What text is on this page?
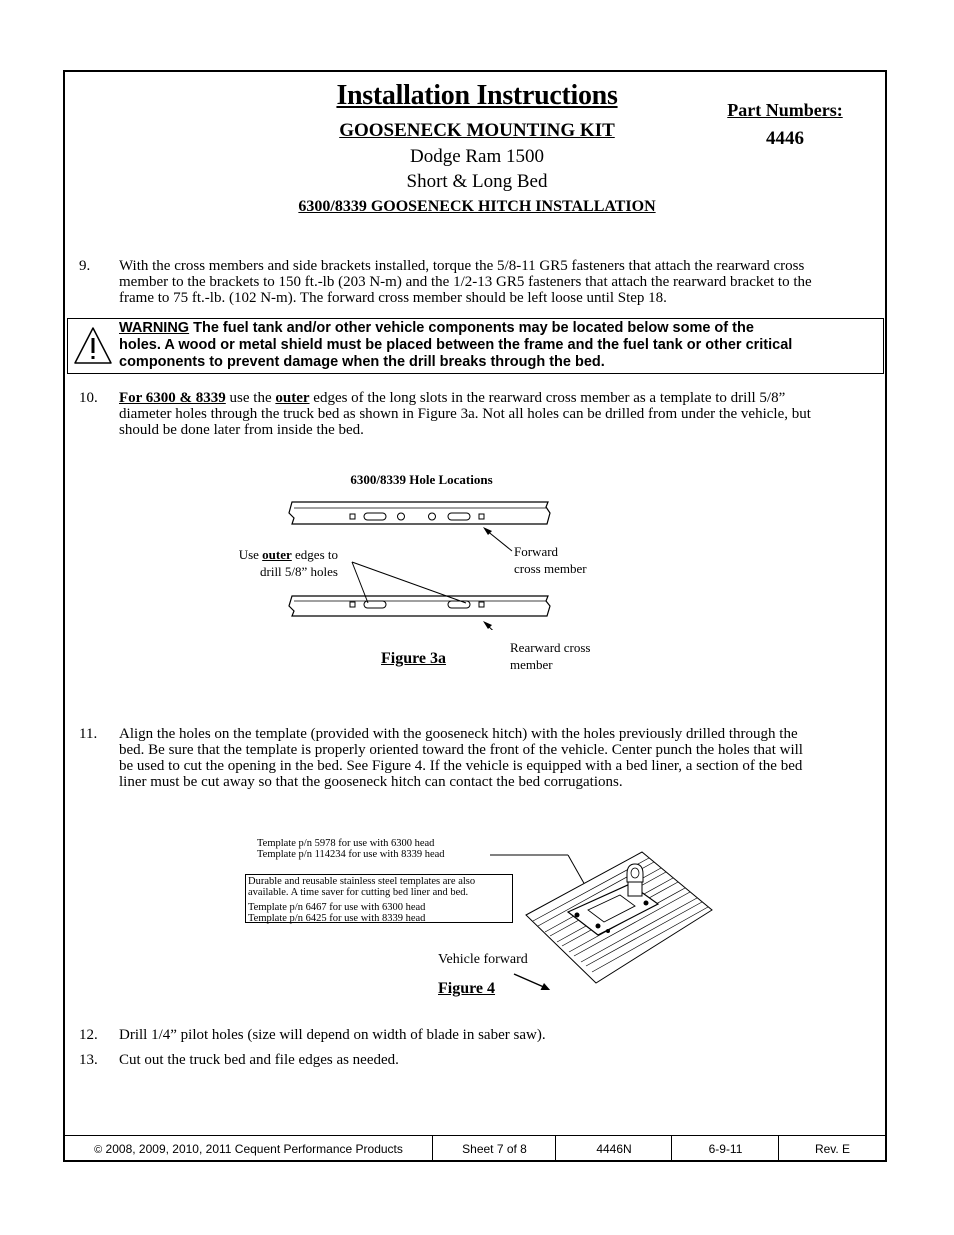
Installation Instructions
GOOSENECK MOUNTING KIT
Dodge Ram 1500
Short & Long Bed
6300/8339 GOOSENECK HITCH INSTALLATION
Part Numbers:
4446
9. With the cross members and side brackets installed, torque the 5/8-11 GR5 fasteners that attach the rearward cross
member to the brackets to 150 ft.-lb (203 N-m) and the 1/2-13 GR5 fasteners that attach the rearward bracket to the
frame to 75 ft.-lb. (102 N-m). The forward cross member should be left loose until Step 18.
WARNING The fuel tank and/or other vehicle components may be located below some of the
holes. A wood or metal shield must be placed between the frame and the fuel tank or other critical
components to prevent damage when the drill breaks through the bed.
10. For 6300 & 8339 use the outer edges of the long slots in the rearward cross member as a template to drill 5/8”
diameter holes through the truck bed as shown in Figure 3a. Not all holes can be drilled from under the vehicle, but
should be done later from inside the bed.
6300/8339 Hole Locations
Use outer edges to
drill 5/8” holes
Forward
cross member
Rearward cross
member
Figure 3a
11. Align the holes on the template (provided with the gooseneck hitch) with the holes previously drilled through the
bed. Be sure that the template is properly oriented toward the front of the vehicle. Center punch the holes that will
be used to cut the opening in the bed. See Figure 4. If the vehicle is equipped with a bed liner, a section of the bed
liner must be cut away so that the gooseneck hitch can contact the bed corrugations.
Template p/n 5978 for use with 6300 head
Template p/n 114234 for use with 8339 head
Durable and reusable stainless steel templates are also
available. A time saver for cutting bed liner and bed.
Template p/n 6467 for use with 6300 head
Template p/n 6425 for use with 8339 head
Vehicle forward
Figure 4
12. Drill 1/4” pilot holes (size will depend on width of blade in saber saw).
13. Cut out the truck bed and file edges as needed.
© 2008, 2009, 2010, 2011 Cequent Performance Products	Sheet 7 of 8	4446N	6-9-11	Rev. E
